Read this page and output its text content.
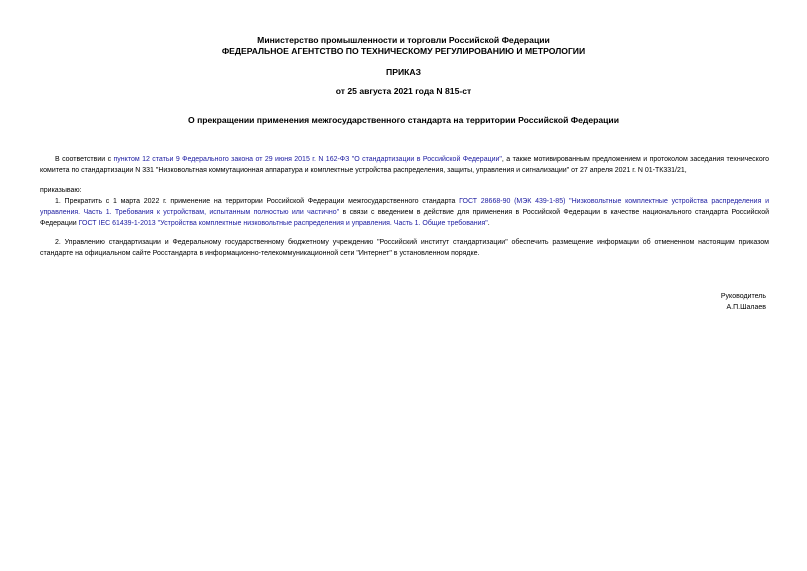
Министерство промышленности и торговли Российской Федерации
ФЕДЕРАЛЬНОЕ АГЕНТСТВО ПО ТЕХНИЧЕСКОМУ РЕГУЛИРОВАНИЮ И МЕТРОЛОГИИ
ПРИКАЗ
от 25 августа 2021 года N 815-ст
О прекращении применения межгосударственного стандарта на территории Российской Федерации
В соответствии с пунктом 12 статьи 9 Федерального закона от 29 июня 2015 г. N 162-ФЗ "О стандартизации в Российской Федерации", а также мотивированным предложением и протоколом заседания технического комитета по стандартизации N 331 "Низковольтная коммутационная аппаратура и комплектные устройства распределения, защиты, управления и сигнализации" от 27 апреля 2021 г. N 01-ТК331/21,
приказываю:
1. Прекратить с 1 марта 2022 г. применение на территории Российской Федерации межгосударственного стандарта ГОСТ 28668-90 (МЭК 439-1-85) "Низковольтные комплектные устройства распределения и управления. Часть 1. Требования к устройствам, испытанным полностью или частично" в связи с введением в действие для применения в Российской Федерации в качестве национального стандарта Российской Федерации ГОСТ IEC 61439-1-2013 "Устройства комплектные низковольтные распределения и управления. Часть 1. Общие требования".
2. Управлению стандартизации и Федеральному государственному бюджетному учреждению "Российский институт стандартизации" обеспечить размещение информации об отмененном настоящим приказом стандарте на официальном сайте Росстандарта в информационно-телекоммуникационной сети "Интернет" в установленном порядке.
Руководитель
А.П.Шалаев
